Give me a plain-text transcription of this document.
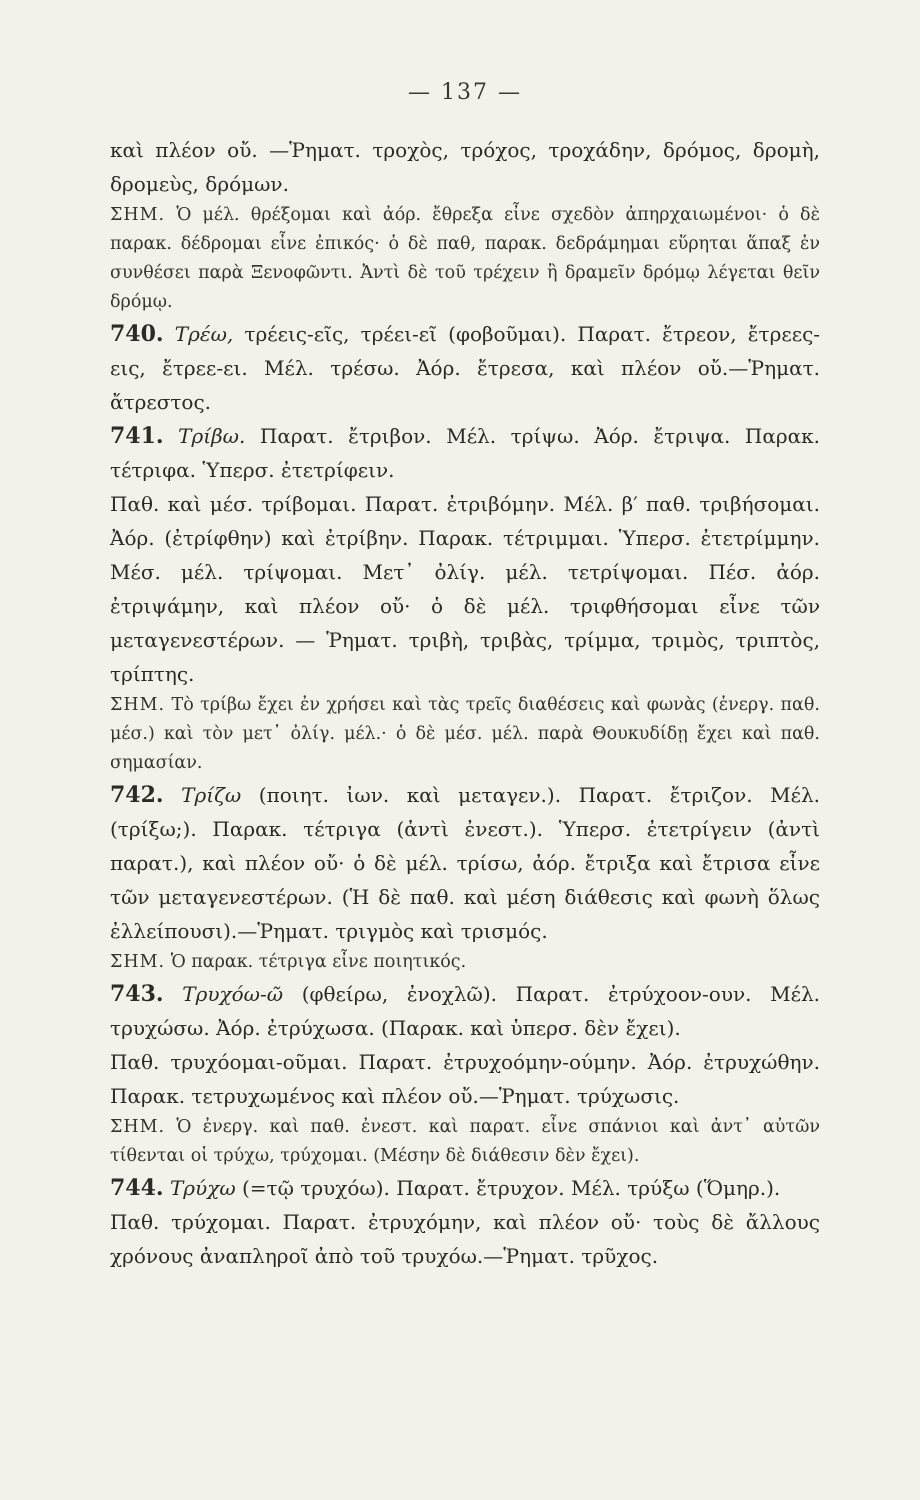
— 137 —

καὶ πλέον οὔ. —Ῥηματ. τροχὸς, τρόχος, τροχάδην, δρόμος, δρομὴ, δρομεὺς, δρόμων.

ΣΗΜ. Ὁ μέλ. θρέξομαι καὶ ἀόρ. ἔθρεξα εἶνε σχεδὸν ἀπηρχαιωμένοι· ὁ δὲ παρακ. δέδρομαι εἶνε ἐπικός· ὁ δὲ παθ, παρακ. δεδράμημαι εὕρηται ἅπαξ ἐν συνθέσει παρὰ Ξενοφῶντι. Ἀντὶ δὲ τοῦ τρέχειν ἢ δραμεῖν δρόμῳ λέγεται θεῖν δρόμῳ.

740. Τρέω, τρέεις-εῖς, τρέει-εῖ (φοβοῦμαι). Παρατ. ἔτρεον, ἔτρεες-εις, ἔτρεε-ει. Μέλ. τρέσω. Ἀόρ. ἔτρεσα, καὶ πλέον οὔ.—Ῥηματ. ἄτρεστος.

741. Τρίβω. Παρατ. ἔτριβον. Μέλ. τρίψω. Ἀόρ. ἔτριψα. Παρακ. τέτριφα. Ὑπερσ. ἐτετρίφειν.

Παθ. καὶ μέσ. τρίβομαι. Παρατ. ἐτριβόμην. Μέλ. β′ παθ. τριβήσομαι. Ἀόρ. (ἐτρίφθην) καὶ ἐτρίβην. Παρακ. τέτριμμαι. Ὑπερσ. ἐτετρίμμην. Μέσ. μέλ. τρίψομαι. Μετ᾽ ὀλίγ. μέλ. τετρίψομαι. Πέσ. ἀόρ. ἐτριψάμην, καὶ πλέον οὔ· ὁ δὲ μέλ. τριφθήσομαι εἶνε τῶν μεταγενεστέρων. — Ῥηματ. τριβὴ, τριβὰς, τρίμμα, τριμὸς, τριπτὸς, τρίπτης.

ΣΗΜ. Τὸ τρίβω ἔχει ἐν χρήσει καὶ τὰς τρεῖς διαθέσεις καὶ φωνὰς (ἐνεργ. παθ. μέσ.) καὶ τὸν μετ᾽ ὀλίγ. μέλ.· ὁ δὲ μέσ. μέλ. παρὰ Θουκυδίδῃ ἔχει καὶ παθ. σημασίαν.

742. Τρίζω (ποιητ. ἰων. καὶ μεταγεν.). Παρατ. ἔτριζον. Μέλ. (τρίξω;). Παρακ. τέτριγα (ἀντὶ ἐνεστ.). Ὑπερσ. ἐτετρίγειν (ἀντὶ παρατ.), καὶ πλέον οὔ· ὁ δὲ μέλ. τρίσω, ἀόρ. ἔτριξα καὶ ἔτρισα εἶνε τῶν μεταγενεστέρων. (Ἡ δὲ παθ. καὶ μέση διάθεσις καὶ φωνὴ ὅλως ἐλλείπουσι).—Ῥηματ. τριγμὸς καὶ τρισμός.

ΣΗΜ. Ὁ παρακ. τέτριγα εἶνε ποιητικός.

743. Τρυχόω-ῶ (φθείρω, ἐνοχλῶ). Παρατ. ἐτρύχοον-ουν. Μέλ. τρυχώσω. Ἀόρ. ἐτρύχωσα. (Παρακ. καὶ ὑπερσ. δὲν ἔχει).

Παθ. τρυχόομαι-οῦμαι. Παρατ. ἐτρυχοόμην-ούμην. Ἀόρ. ἐτρυχώθην. Παρακ. τετρυχωμένος καὶ πλέον οὔ.—Ῥηματ. τρύχωσις.

ΣΗΜ. Ὁ ἐνεργ. καὶ παθ. ἐνεστ. καὶ παρατ. εἶνε σπάνιοι καὶ ἀντ᾽ αὐτῶν τίθενται οἱ τρύχω, τρύχομαι. (Μέσην δὲ διάθεσιν δὲν ἔχει).

744. Τρύχω (=τῷ τρυχόω). Παρατ. ἔτρυχον. Μέλ. τρύξω (Ὅμηρ.).

Παθ. τρύχομαι. Παρατ. ἐτρυχόμην, καὶ πλέον οὔ· τοὺς δὲ ἄλλους χρόνους ἀναπληροῖ ἀπὸ τοῦ τρυχόω.—Ῥηματ. τρῦχος.
